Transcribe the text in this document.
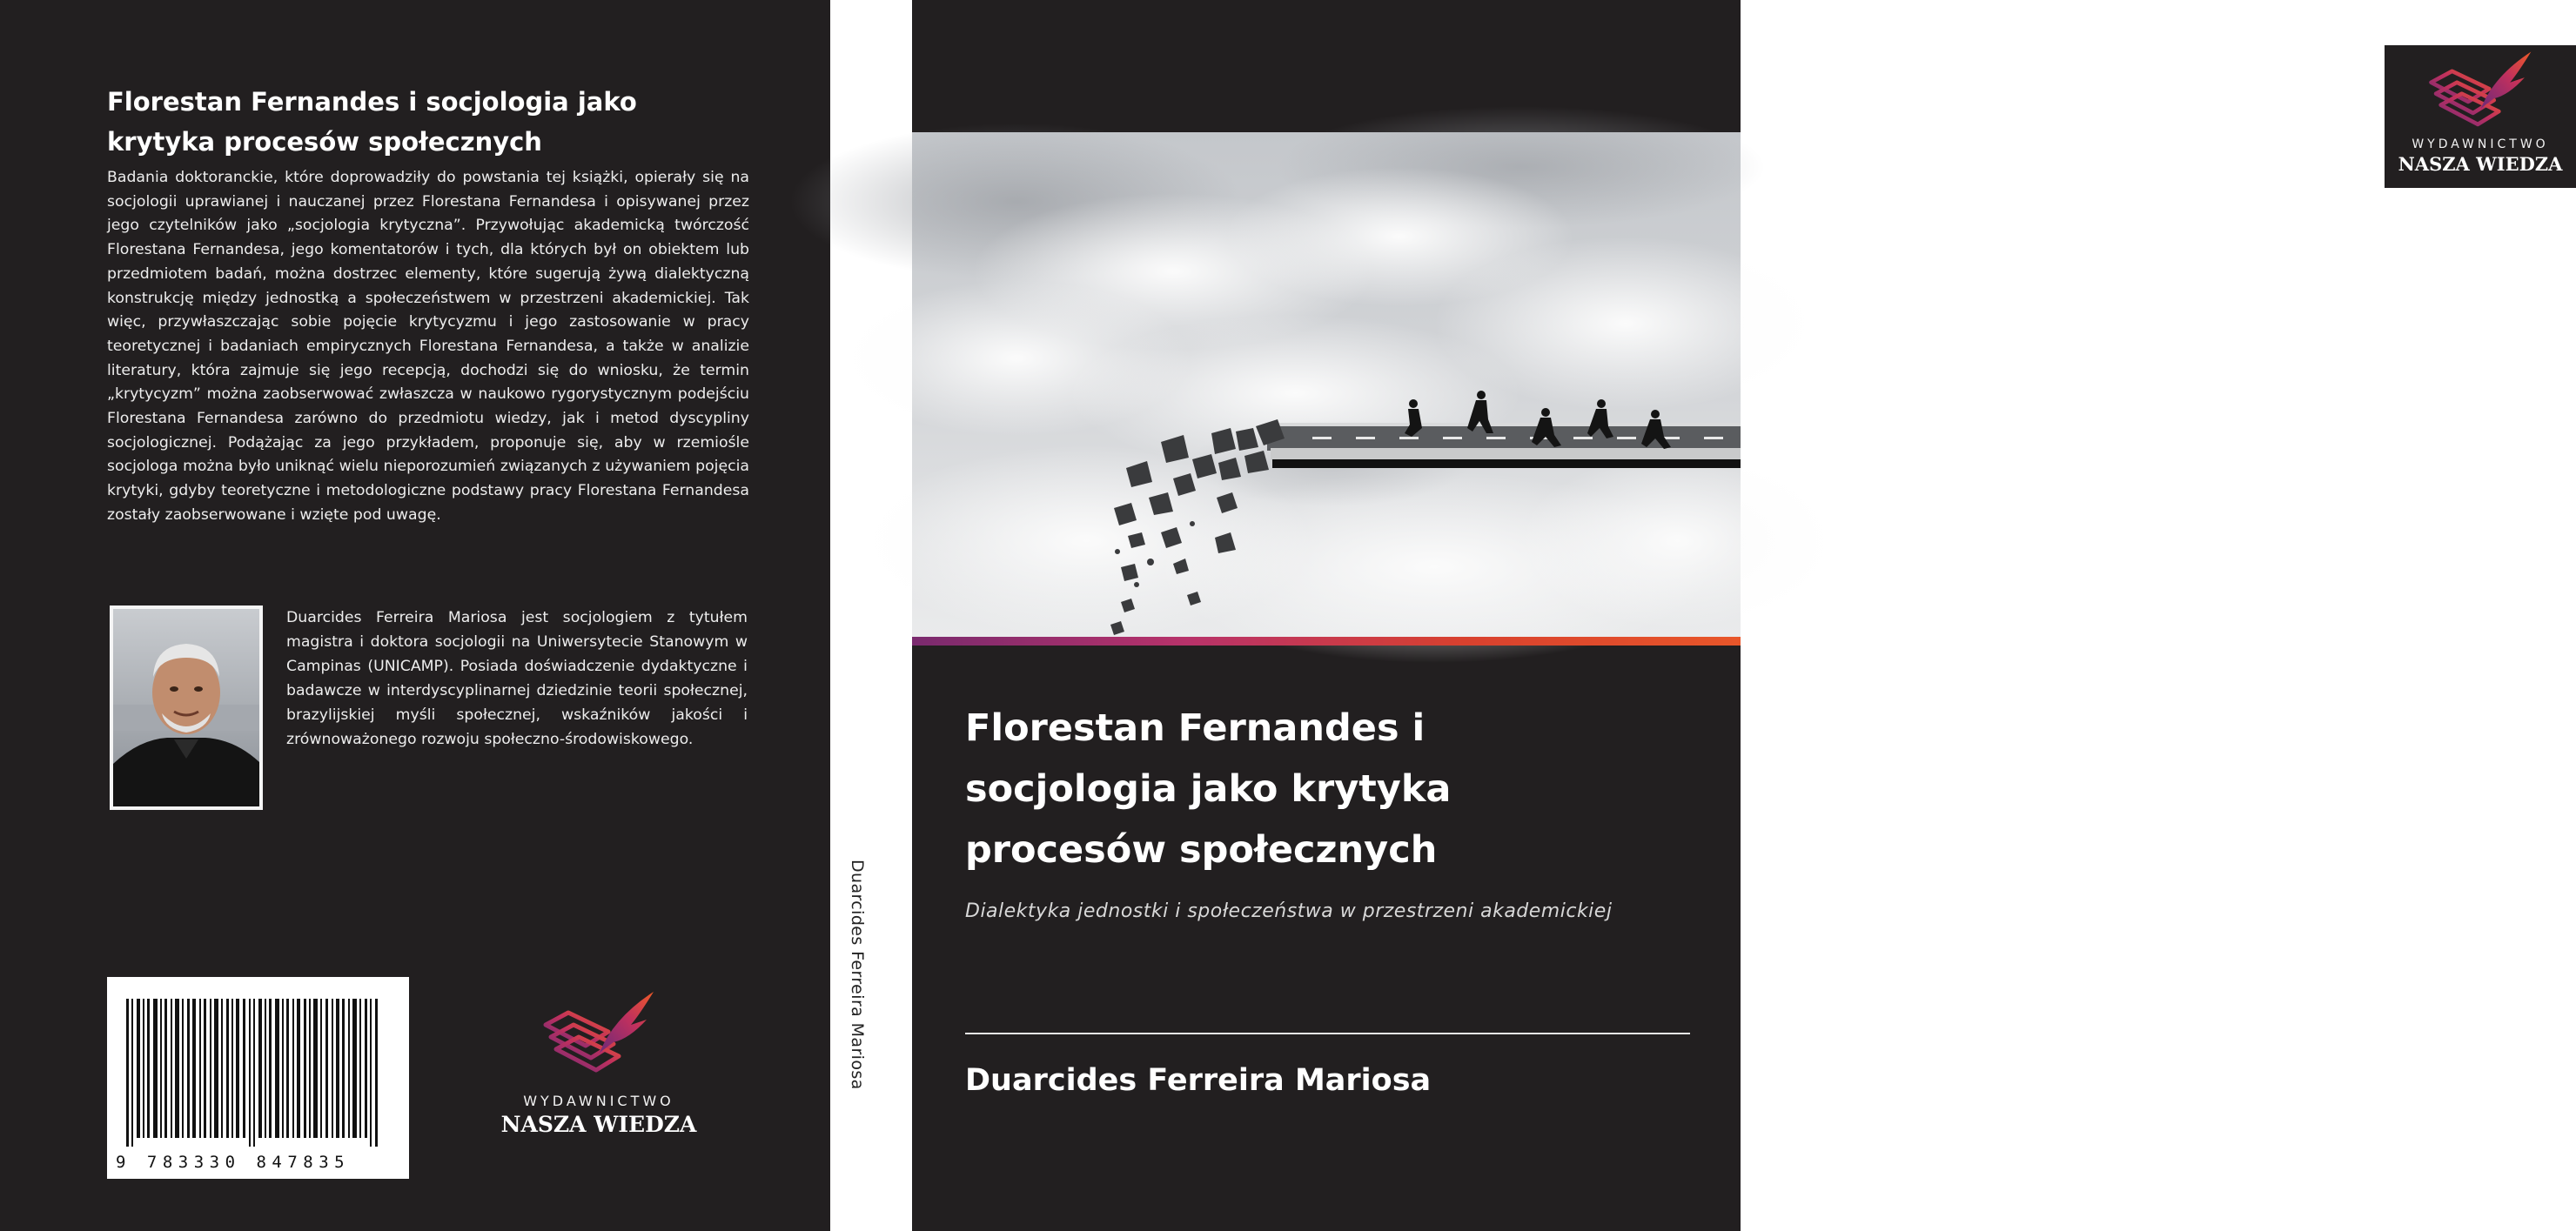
Florestan Fernandes i socjologia jako
krytyka procesów społecznych
Badania doktoranckie, które doprowadziły do powstania tej książki, opierały się na socjologii uprawianej i nauczanej przez Florestana Fernandesa i opisywanej przez jego czytelników jako „socjologia krytyczna”. Przywołując akademicką twórczość Florestana Fernandesa, jego komentatorów i tych, dla których był on obiektem lub przedmiotem badań, można dostrzec elementy, które sugerują żywą dialektyczną konstrukcję między jednostką a społeczeństwem w przestrzeni akademickiej. Tak więc, przywłaszczając sobie pojęcie krytycyzmu i jego zastosowanie w pracy teoretycznej i badaniach empirycznych Florestana Fernandesa, a także w analizie literatury, która zajmuje się jego recepcją, dochodzi się do wniosku, że termin „krytycyzm” można zaobserwować zwłaszcza w naukowo rygorystycznym podejściu Florestana Fernandesa zarówno do przedmiotu wiedzy, jak i metod dyscypliny socjologicznej. Podążając za jego przykładem, proponuje się, aby w rzemiośle socjologa można było uniknąć wielu nieporozumień związanych z używaniem pojęcia krytyki, gdyby teoretyczne i metodologiczne podstawy pracy Florestana Fernandesa zostały zaobserwowane i wzięte pod uwagę.
Duarcides Ferreira Mariosa jest socjologiem z tytułem magistra i doktora socjologii na Uniwersytecie Stanowym w Campinas (UNICAMP). Posiada doświadczenie dydaktyczne i badawcze w interdyscyplinarnej dziedzinie teorii społecznej, brazylijskiej myśli społecznej, wskaźników jakości i zrównoważonego rozwoju społeczno-środowiskowego.
9 783330 847835
WYDAWNICTWO
NASZA WIEDZA
Duarcides Ferreira Mariosa
WYDAWNICTWO
NASZA WIEDZA
Florestan Fernandes i
socjologia jako krytyka
procesów społecznych
Dialektyka jednostki i społeczeństwa w przestrzeni akademickiej
Duarcides Ferreira Mariosa
